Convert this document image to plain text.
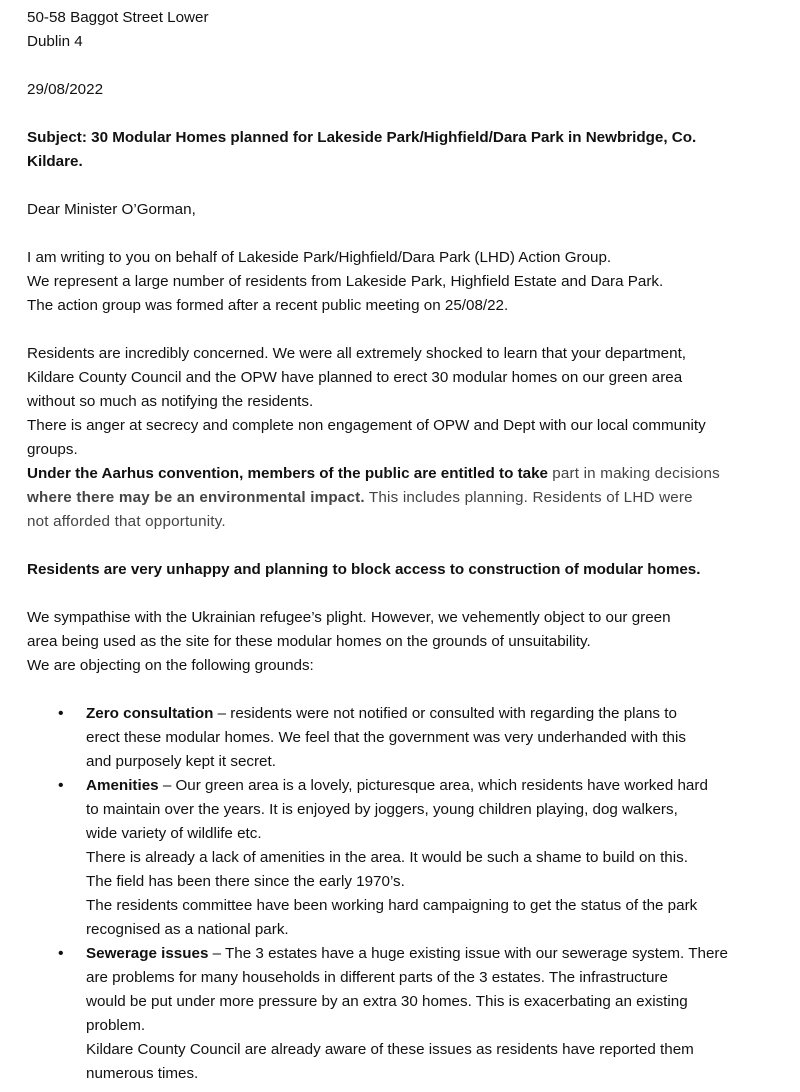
50-58 Baggot Street Lower
Dublin 4
29/08/2022
Subject: 30 Modular Homes planned for Lakeside Park/Highfield/Dara Park in Newbridge, Co.
Kildare.
Dear Minister O’Gorman,
I am writing to you on behalf of Lakeside Park/Highfield/Dara Park (LHD) Action Group.
We represent a large number of residents from Lakeside Park, Highfield Estate and Dara Park.
The action group was formed after a recent public meeting on 25/08/22.
Residents are incredibly concerned. We were all extremely shocked to learn that your department,
Kildare County Council and the OPW have planned to erect 30 modular homes on our green area
without so much as notifying the residents.
There is anger at secrecy and complete non engagement of OPW and Dept with our local community
groups.
Under the Aarhus convention, members of the public are entitled to take part in making decisions
where there may be an environmental impact. This includes planning. Residents of LHD were
not afforded that opportunity.
Residents are very unhappy and planning to block access to construction of modular homes.
We sympathise with the Ukrainian refugee’s plight. However, we vehemently object to our green
area being used as the site for these modular homes on the grounds of unsuitability.
We are objecting on the following grounds:
• Zero consultation – residents were not notified or consulted with regarding the plans to
erect these modular homes. We feel that the government was very underhanded with this
and purposely kept it secret.
• Amenities – Our green area is a lovely, picturesque area, which residents have worked hard
to maintain over the years. It is enjoyed by joggers, young children playing, dog walkers,
wide variety of wildlife etc.
There is already a lack of amenities in the area. It would be such a shame to build on this.
The field has been there since the early 1970’s.
The residents committee have been working hard campaigning to get the status of the park
recognised as a national park.
• Sewerage issues – The 3 estates have a huge existing issue with our sewerage system. There
are problems for many households in different parts of the 3 estates. The infrastructure
would be put under more pressure by an extra 30 homes. This is exacerbating an existing
problem.
Kildare County Council are already aware of these issues as residents have reported them
numerous times.
